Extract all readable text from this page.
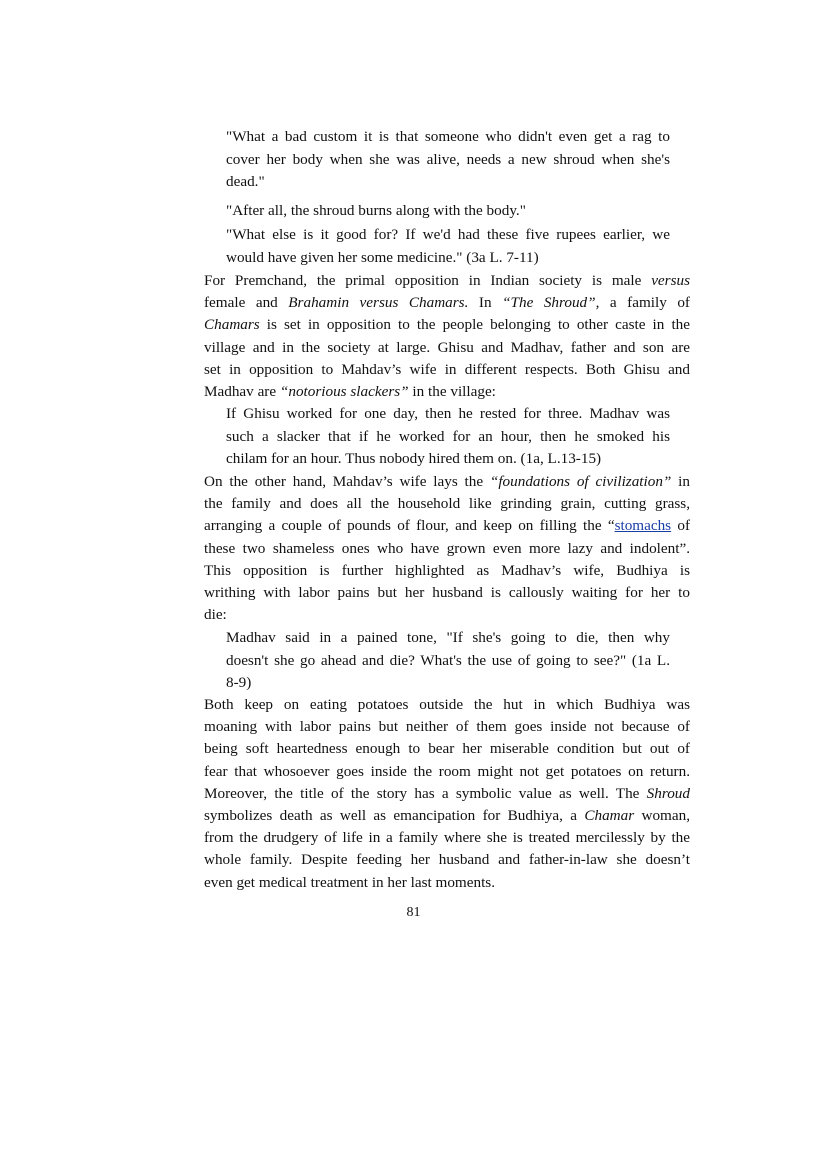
"What a bad custom it is that someone who didn't even get a rag to
cover her body when she was alive, needs a new shroud when she's
dead."
"After all, the shroud burns along with the body."
"What else is it good for? If we'd had these five rupees earlier, we
would have given her some medicine." (3a L. 7-11)
For Premchand, the primal opposition in Indian society is male versus
female and Brahamin versus Chamars. In “The Shroud”, a family of
Chamars is set in opposition to the people belonging to other caste in the
village and in the society at large. Ghisu and Madhav, father and son are
set in opposition to Mahdav’s wife in different respects. Both Ghisu and
Madhav are “notorious slackers” in the village:
If Ghisu worked for one day, then he rested for three. Madhav was
such a slacker that if he worked for an hour, then he smoked his
chilam for an hour. Thus nobody hired them on. (1a, L.13-15)
On the other hand, Mahdav’s wife lays the “foundations of civilization” in
the family and does all the household like grinding grain, cutting grass,
arranging a couple of pounds of flour, and keep on filling the “stomachs of
these two shameless ones who have grown even more lazy and indolent”.
This opposition is further highlighted as Madhav’s wife, Budhiya is
writhing with labor pains but her husband is callously waiting for her to
die:
Madhav said in a pained tone, "If she's going to die, then why
doesn't she go ahead and die? What's the use of going to see?" (1a L.
8-9)
Both keep on eating potatoes outside the hut in which Budhiya was
moaning with labor pains but neither of them goes inside not because of
being soft heartedness enough to bear her miserable condition but out of
fear that whosoever goes inside the room might not get potatoes on return.
Moreover, the title of the story has a symbolic value as well. The Shroud
symbolizes death as well as emancipation for Budhiya, a Chamar woman,
from the drudgery of life in a family where she is treated mercilessly by the
whole family. Despite feeding her husband and father-in-law she doesn’t
even get medical treatment in her last moments.
81
